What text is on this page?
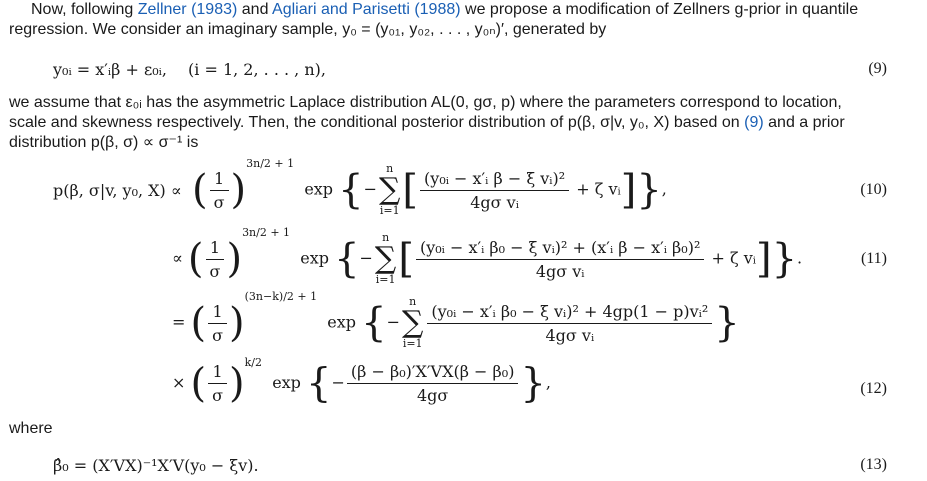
Now, following Zellner (1983) and Agliari and Parisetti (1988) we propose a modification of Zellners g-prior in quantile
regression. We consider an imaginary sample, y₀ = (y₀₁, y₀₂, . . . , y₀ₙ)′, generated by
y₀ᵢ = x′ᵢβ + ε₀ᵢ, (i = 1, 2, . . . , n),	(9)
we assume that ε₀ᵢ has the asymmetric Laplace distribution AL(0, gσ, p) where the parameters correspond to location,
scale and skewness respectively. Then, the conditional posterior distribution of p(β, σ|v, y₀, X) based on (9) and a prior
distribution p(β, σ) ∝ σ⁻¹ is
p(β, σ|v, y₀, X) ∝ ( $\frac{1}{\sigma} )^{3n/2 + 1}$  exp {−
n
∑
i=1 [ $\frac{\text{(y₀ᵢ − x′ᵢ β − ξ vᵢ)²}}{\text{4gσ vᵢ}} + \zeta$ vᵢ]},	(10)
∝ ( $\frac{1}{\sigma} )^{3n/2 + 1}$  exp {−
n
∑
i=1 [ $\frac{\text{(y₀ᵢ − x′ᵢ β₀ − ξ vᵢ)² + (x′ᵢ β − x′ᵢ β₀)²}}{\text{4gσ vᵢ}} + \zeta$ vᵢ]}.	(11)
= ( $\frac{1}{\sigma} )^{(3n-k)/2 + 1}$  exp {−
n
∑
$i=1 \frac{\text{(y₀ᵢ − x′ᵢ β₀ − ξ vᵢ)² + 4gp(1 − p)vᵢ²}}{\text{4gσ vᵢ}}$ }
× ( $\frac{1}{\sigma} )^{k/2}$  exp {− $\frac{\text{(β − β₀)′X′VX(β − β₀)}}{4g\sigma}$ },	(12)
where
β̂₀ = (X′VX)⁻¹X′V(y₀ − ξv).	(13)
